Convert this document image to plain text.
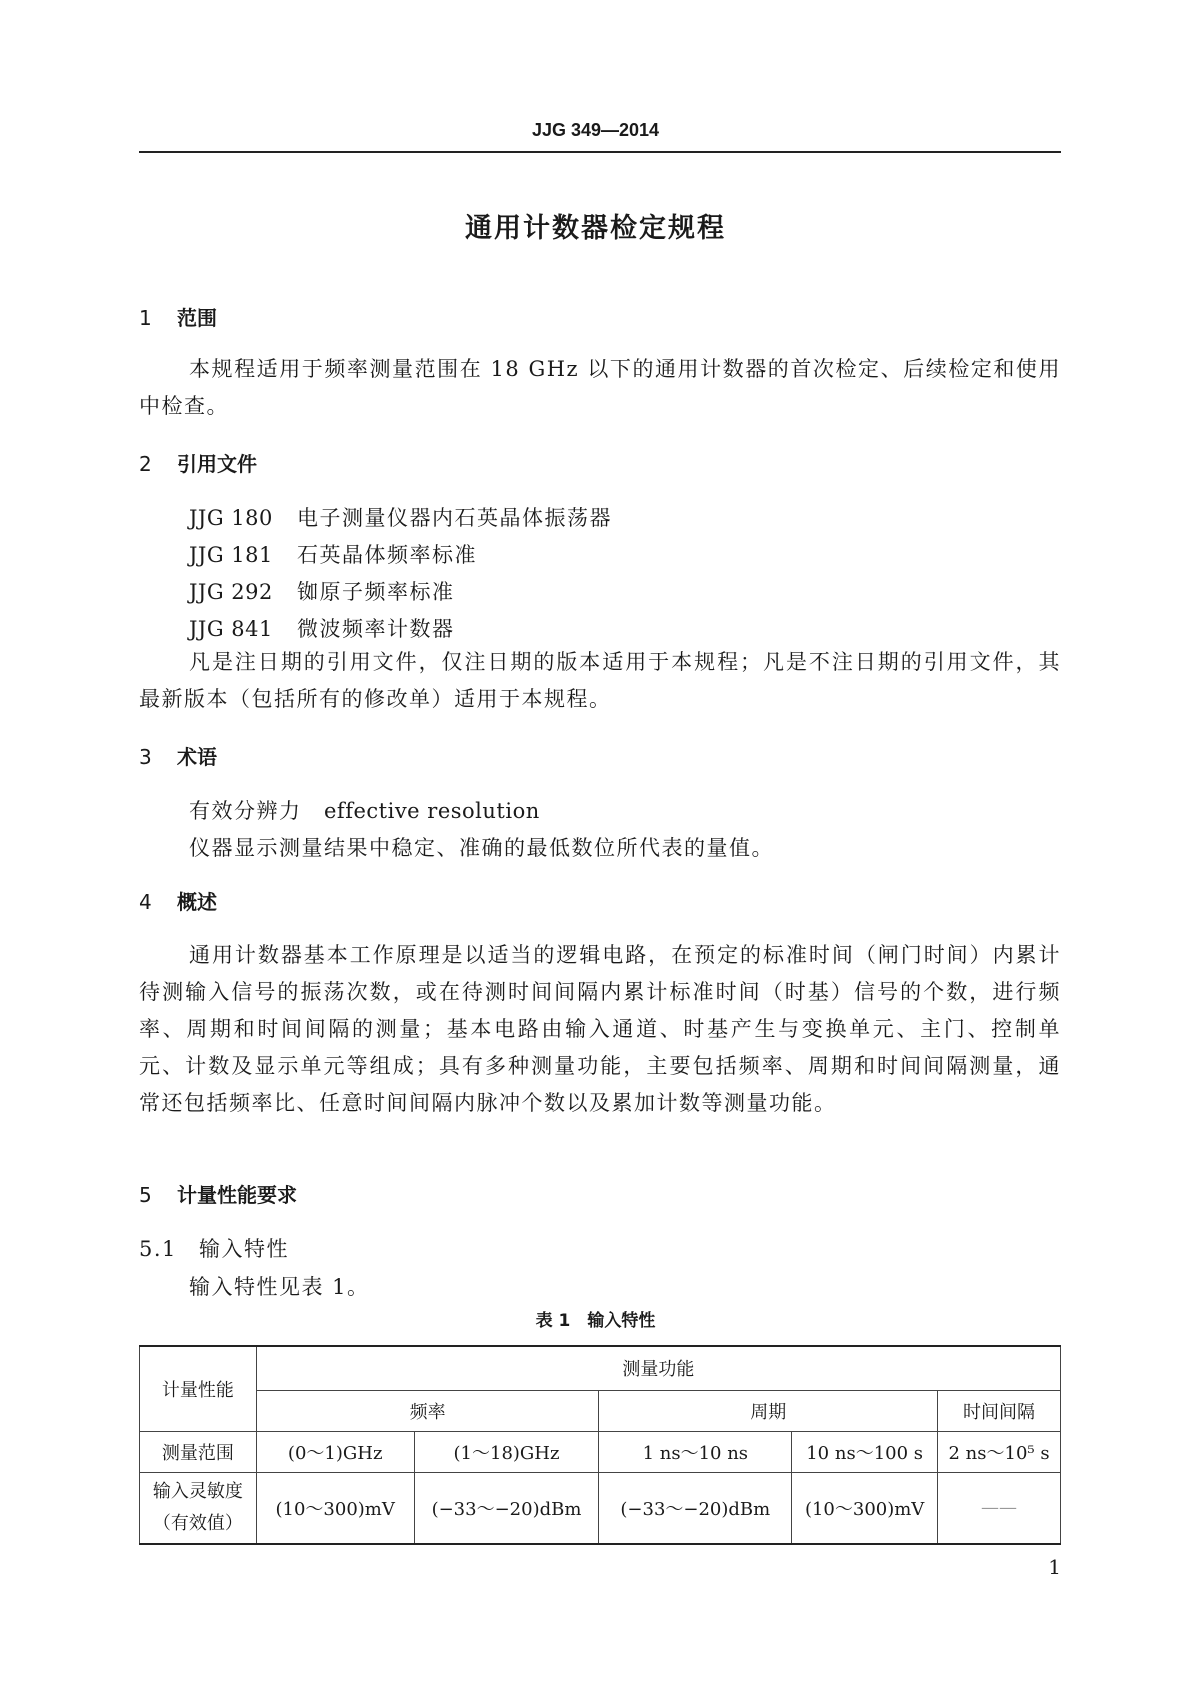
JJG 349—2014
通用计数器检定规程
1 范围
本规程适用于频率测量范围在 18 GHz 以下的通用计数器的首次检定、后续检定和使用中检查。
2 引用文件
JJG 180 电子测量仪器内石英晶体振荡器
JJG 181 石英晶体频率标准
JJG 292 铷原子频率标准
JJG 841 微波频率计数器
凡是注日期的引用文件，仅注日期的版本适用于本规程；凡是不注日期的引用文件，其最新版本（包括所有的修改单）适用于本规程。
3 术语
有效分辨力　 effective resolution
仪器显示测量结果中稳定、准确的最低数位所代表的量值。
4 概述
通用计数器基本工作原理是以适当的逻辑电路，在预定的标准时间（闸门时间）内累计待测输入信号的振荡次数，或在待测时间间隔内累计标准时间（时基）信号的个数，进行频率、周期和时间间隔的测量；基本电路由输入通道、时基产生与变换单元、主门、控制单元、计数及显示单元等组成；具有多种测量功能，主要包括频率、周期和时间间隔测量，通常还包括频率比、任意时间间隔内脉冲个数以及累加计数等测量功能。
5 计量性能要求
5.1 输入特性
输入特性见表 1。
表 1　输入特性
计量性能	测量功能				
	频率		周期		时间间隔
测量范围	(0～1)GHz	(1～18)GHz	1 ns～10 ns	10 ns～100 s	2 ns～10⁵ s
输入灵敏度（有效值）	(10～300)mV	(−33～−20)dBm	(−33～−20)dBm	(10～300)mV	——
1
